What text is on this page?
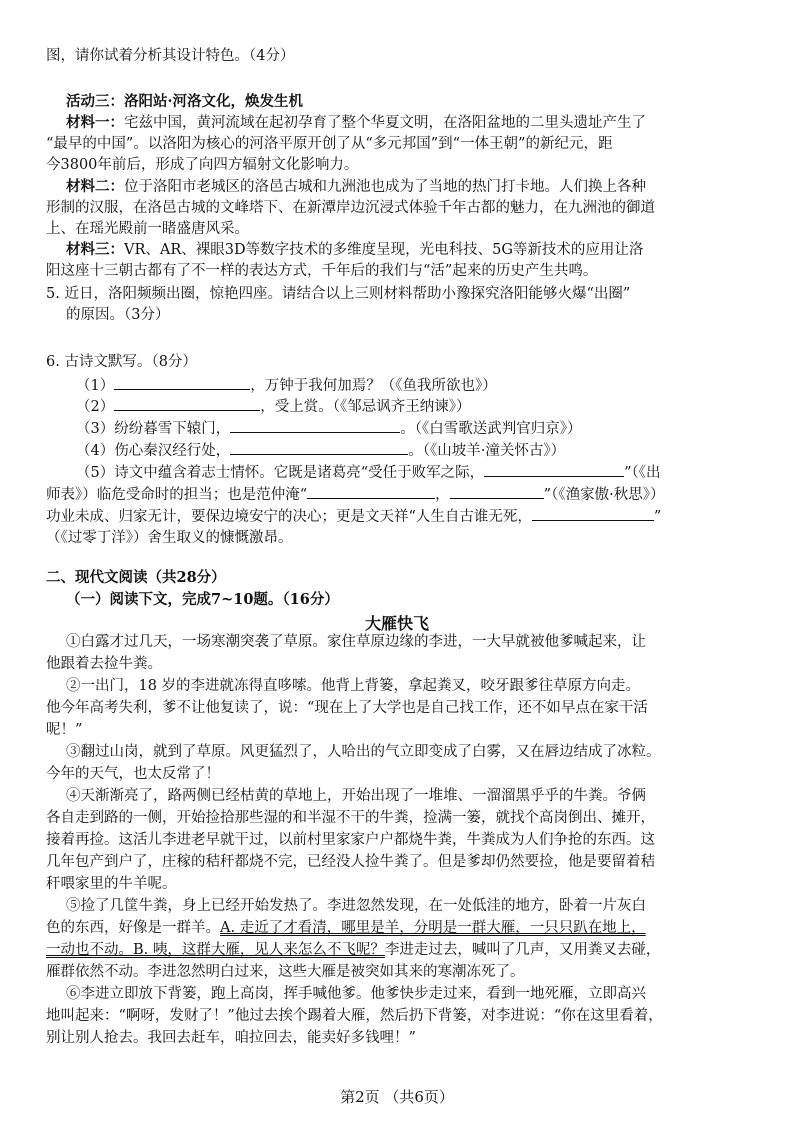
图，请你试着分析其设计特色。（4分）
活动三：洛阳站·河洛文化，焕发生机
材料一：宅兹中国，黄河流域在起初孕育了整个华夏文明，在洛阳盆地的二里头遗址产生了
“最早的中国”。以洛阳为核心的河洛平原开创了从“多元邦国”到“一体王朝”的新纪元，距
今3800年前后，形成了向四方辐射文化影响力。
材料二：位于洛阳市老城区的洛邑古城和九洲池也成为了当地的热门打卡地。人们换上各种
形制的汉服，在洛邑古城的文峰塔下、在新潭岸边沉浸式体验千年古都的魅力，在九洲池的御道
上、在瑶光殿前一睹盛唐风采。
材料三：VR、AR、裸眼3D等数字技术的多维度呈现，光电科技、5G等新技术的应用让洛
阳这座十三朝古都有了不一样的表达方式，千年后的我们与“活”起来的历史产生共鸣。
5. 近日，洛阳频频出圈，惊艳四座。请结合以上三则材料帮助小豫探究洛阳能够火爆“出圈”
的原因。（3分）
6. 古诗文默写。（8分）
（1）	，万钟于我何加焉？（《鱼我所欲也》）
（2）	，受上赏。（《邹忌讽齐王纳谏》）
（3）纷纷暮雪下辕门，	。（《白雪歌送武判官归京》）
（4）伤心秦汉经行处，	。（《山坡羊·潼关怀古》）
（5）诗文中蕴含着志士情怀。它既是诸葛亮“受任于败军之际，	”（《出
师表》）临危受命时的担当；也是范仲淹“	，	”（《渔家傲·秋思》）
功业未成、归家无计，要保边境安宁的决心；更是文天祥“人生自古谁无死，	”
（《过零丁洋》）舍生取义的慷慨激昂。
二、现代文阅读（共28分）
（一）阅读下文，完成7~10题。（16分）
大雁快飞
①白露才过几天，一场寒潮突袭了草原。家住草原边缘的李进，一大早就被他爹喊起来，让
他跟着去捡牛粪。
②一出门，18 岁的李进就冻得直哆嗦。他背上背篓，拿起粪叉，咬牙跟爹往草原方向走。
他今年高考失利，爹不让他复读了，说：“现在上了大学也是自己找工作，还不如早点在家干活
呢！”
③翻过山岗，就到了草原。风更猛烈了，人哈出的气立即变成了白雾，又在唇边结成了冰粒。
今年的天气，也太反常了！
④天渐渐亮了，路两侧已经枯黄的草地上，开始出现了一堆堆、一溜溜黑乎乎的牛粪。爷俩
各自走到路的一侧，开始捡拾那些湿的和半湿不干的牛粪，捡满一篓，就找个高岗倒出、摊开，
接着再捡。这活儿李进老早就干过，以前村里家家户户都烧牛粪，牛粪成为人们争抢的东西。这
几年包产到户了，庄稼的秸秆都烧不完，已经没人捡牛粪了。但是爹却仍然要捡，他是要留着秸
秆喂家里的牛羊呢。
⑤捡了几筐牛粪，身上已经开始发热了。李进忽然发现，在一处低洼的地方，卧着一片灰白
色的东西，好像是一群羊。A. 走近了才看清，哪里是羊，分明是一群大雁，一只只趴在地上，
一动也不动。B. 咦，这群大雁，见人来怎么不飞呢？李进走过去，喊叫了几声，又用粪叉去碰，
雁群依然不动。李进忽然明白过来，这些大雁是被突如其来的寒潮冻死了。
⑥李进立即放下背篓，跑上高岗，挥手喊他爹。他爹快步走过来，看到一地死雁，立即高兴
地叫起来：“啊呀，发财了！”他过去挨个踢着大雁，然后扔下背篓，对李进说：“你在这里看着，
别让别人抢去。我回去赶车，咱拉回去，能卖好多钱哩！”
第2页 （共6页）
